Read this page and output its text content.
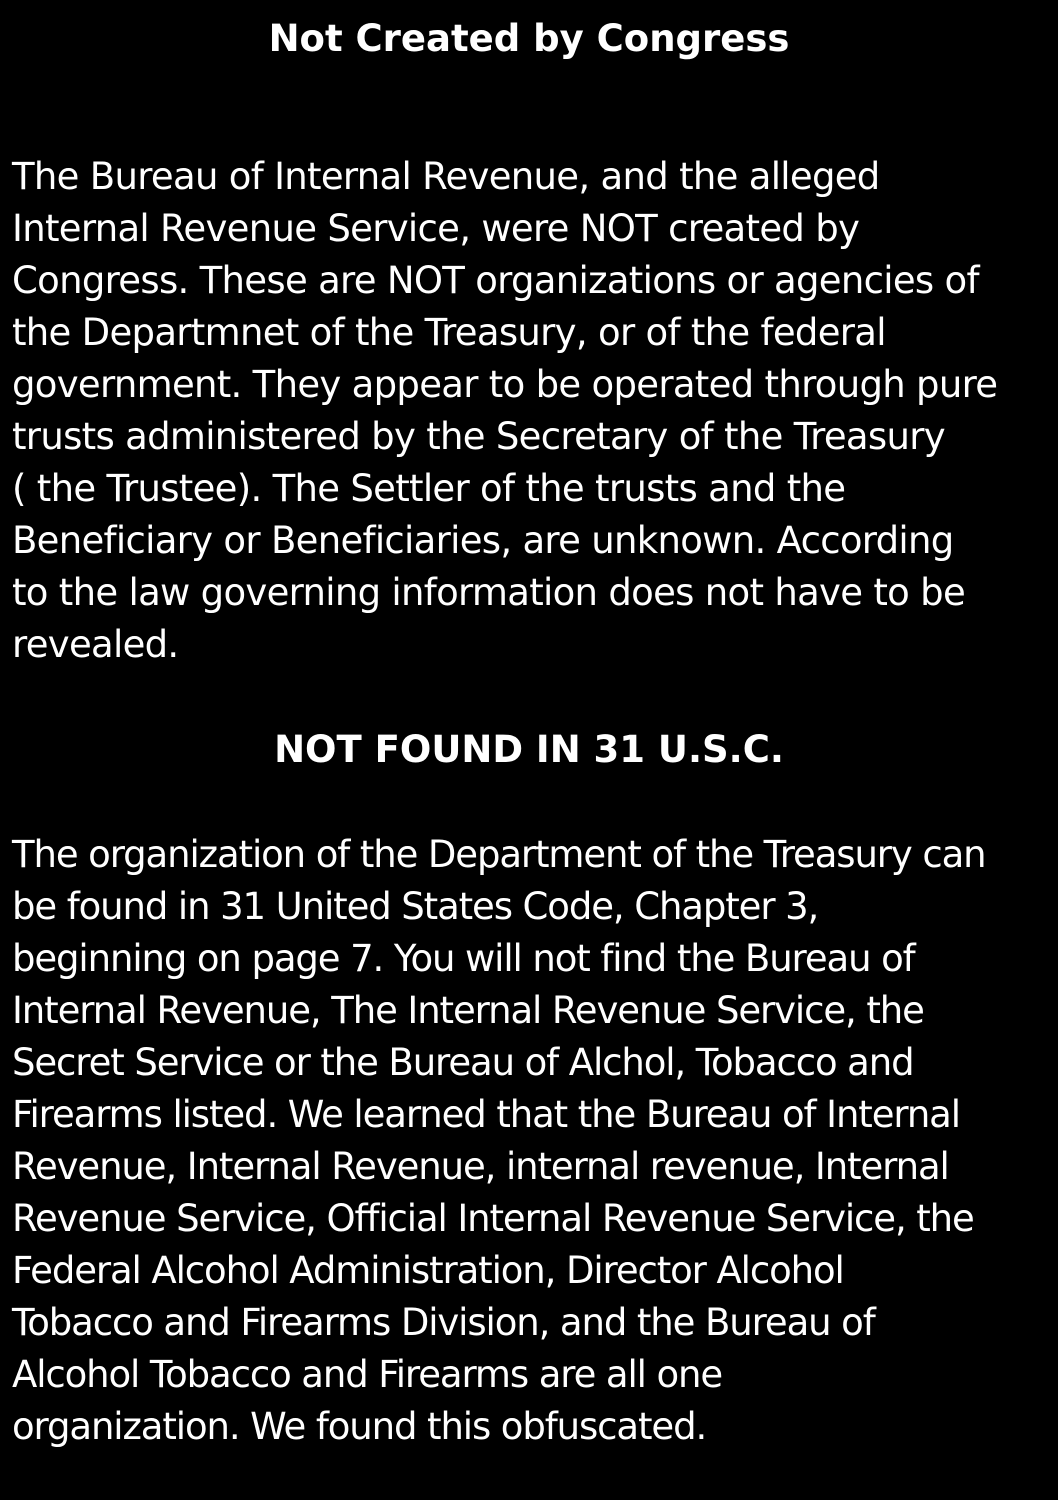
Not Created by Congress
The Bureau of Internal Revenue, and the alleged
Internal Revenue Service, were NOT created by
Congress. These are NOT organizations or agencies of
the Departmnet of the Treasury, or of the federal
government. They appear to be operated through pure
trusts administered by the Secretary of the Treasury
( the Trustee). The Settler of the trusts and the
Beneficiary or Beneficiaries, are unknown. According
to the law governing information does not have to be
revealed.
NOT FOUND IN 31 U.S.C.
The organization of the Department of the Treasury can
be found in 31 United States Code, Chapter 3,
beginning on page 7. You will not find the Bureau of
Internal Revenue, The Internal Revenue Service, the
Secret Service or the Bureau of Alchol, Tobacco and
Firearms listed. We learned that the Bureau of Internal
Revenue, Internal Revenue, internal revenue, Internal
Revenue Service, Official Internal Revenue Service, the
Federal Alcohol Administration, Director Alcohol
Tobacco and Firearms Division, and the Bureau of
Alcohol Tobacco and Firearms are all one
organization. We found this obfuscated.
